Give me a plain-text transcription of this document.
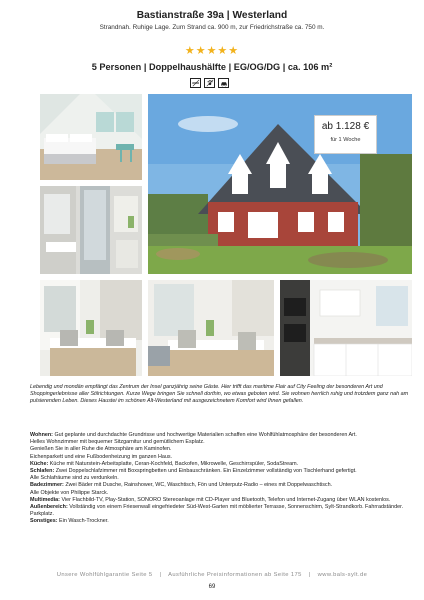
Bastianstraße 39a | Westerland
Strandnah. Ruhige Lage. Zum Strand ca. 900 m, zur Friedrichstraße ca. 750 m.
★★★★★
5 Personen | Doppelhaushälfte | EG/OG/DG | ca. 106 m²
ab 1.128 €
für 1 Woche
Lebendig und mondän empfängt das Zentrum der Insel ganzjährig seine Gäste. Hier trifft das maritime Flair auf City Feeling der besonderen Art und Shoppingerlebnisse aller Stilrichtungen. Kurze Wege bringen Sie schnell dorthin, wo etwas geboten wird. Sie wohnen herrlich ruhig und trotzdem ganz nah am pulsierenden Leben. Dieses Haustei im schönen Alt-Westerland mit ausgezeichnetem Komfort wird Ihnen gefallen.

Wohnen: Gut geplante und durchdachte Grundrisse und hochwertige Materialien schaffen eine Wohlfühlatmosphäre der besonderen Art.

Helles Wohnzimmer mit bequemer Sitzgarnitur und gemütlichem Esplatz.

Genießen Sie in aller Ruhe die Atmosphäre am Kaminofen.

Eichenparkett und eine Fußbodenheizung im ganzen Haus.

Küche: Küche mit Naturstein-Arbeitsplatte, Ceran-Kochfeld, Backofen, Mikrowelle, Geschirrspüler, SodaStream.

Schlafen: Zwei Doppelschlafzimmer mit Boxspringbetten und Einbauschränken. Ein Einzelzimmer vollständig von Tischlerhand gefertigt.

Alle Schlafräume sind zu verdunkeln.

Badezimmer: Zwei Bäder mit Dusche, Rainshower, WC, Waschtisch, Fön und Unterputz-Radio – eines mit Doppelwaschtisch.

Alle Objekte von Philippe Starck.

Multimedia: Vier Flachbild-TV, Play-Station, SONORO Stereoanlage mit CD-Player und Bluetooth, Telefon und Internet-Zugang über WLAN kostenlos.

Außenbereich: Vollständig von einem Friesenwall eingefriedeter Süd-West-Garten mit möblierter Terrasse, Sonnenschirm, Sylt-Strandkorb. Fahrradständer. Parkplatz.

Sonstiges: Ein Wasch-Trockner.

Unsere Wohlfühlgarantie Seite 5 | Ausführliche Preisinformationen ab Seite 175 | www.bals-sylt.de
69
